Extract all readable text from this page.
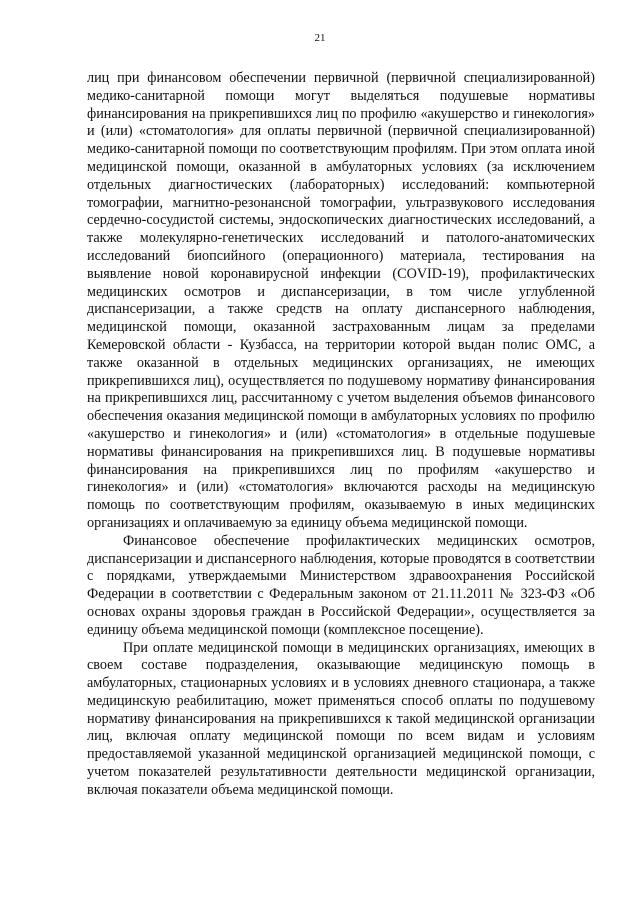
21

лиц при финансовом обеспечении первичной (первичной специализированной) медико-санитарной помощи могут выделяться подушевые нормативы финансирования на прикрепившихся лиц по профилю «акушерство и гинекология» и (или) «стоматология» для оплаты первичной (первичной специализированной) медико-санитарной помощи по соответствующим профилям. При этом оплата иной медицинской помощи, оказанной в амбулаторных условиях (за исключением отдельных диагностических (лабораторных) исследований: компьютерной томографии, магнитно-резонансной томографии, ультразвукового исследования сердечно-сосудистой системы, эндоскопических диагностических исследований, а также молекулярно-генетических исследований и патолого-анатомических исследований биопсийного (операционного) материала, тестирования на выявление новой коронавирусной инфекции (COVID-19), профилактических медицинских осмотров и диспансеризации, в том числе углубленной диспансеризации, а также средств на оплату диспансерного наблюдения, медицинской помощи, оказанной застрахованным лицам за пределами Кемеровской области - Кузбасса, на территории которой выдан полис ОМС, а также оказанной в отдельных медицинских организациях, не имеющих прикрепившихся лиц), осуществляется по подушевому нормативу финансирования на прикрепившихся лиц, рассчитанному с учетом выделения объемов финансового обеспечения оказания медицинской помощи в амбулаторных условиях по профилю «акушерство и гинекология» и (или) «стоматология» в отдельные подушевые нормативы финансирования на прикрепившихся лиц. В подушевые нормативы финансирования на прикрепившихся лиц по профилям «акушерство и гинекология» и (или) «стоматология» включаются расходы на медицинскую помощь по соответствующим профилям, оказываемую в иных медицинских организациях и оплачиваемую за единицу объема медицинской помощи.

Финансовое обеспечение профилактических медицинских осмотров, диспансеризации и диспансерного наблюдения, которые проводятся в соответствии с порядками, утверждаемыми Министерством здравоохранения Российской Федерации в соответствии с Федеральным законом от 21.11.2011 № 323-ФЗ «Об основах охраны здоровья граждан в Российской Федерации», осуществляется за единицу объема медицинской помощи (комплексное посещение).

При оплате медицинской помощи в медицинских организациях, имеющих в своем составе подразделения, оказывающие медицинскую помощь в амбулаторных, стационарных условиях и в условиях дневного стационара, а также медицинскую реабилитацию, может применяться способ оплаты по подушевому нормативу финансирования на прикрепившихся к такой медицинской организации лиц, включая оплату медицинской помощи по всем видам и условиям предоставляемой указанной медицинской организацией медицинской помощи, с учетом показателей результативности деятельности медицинской организации, включая показатели объема медицинской помощи.
